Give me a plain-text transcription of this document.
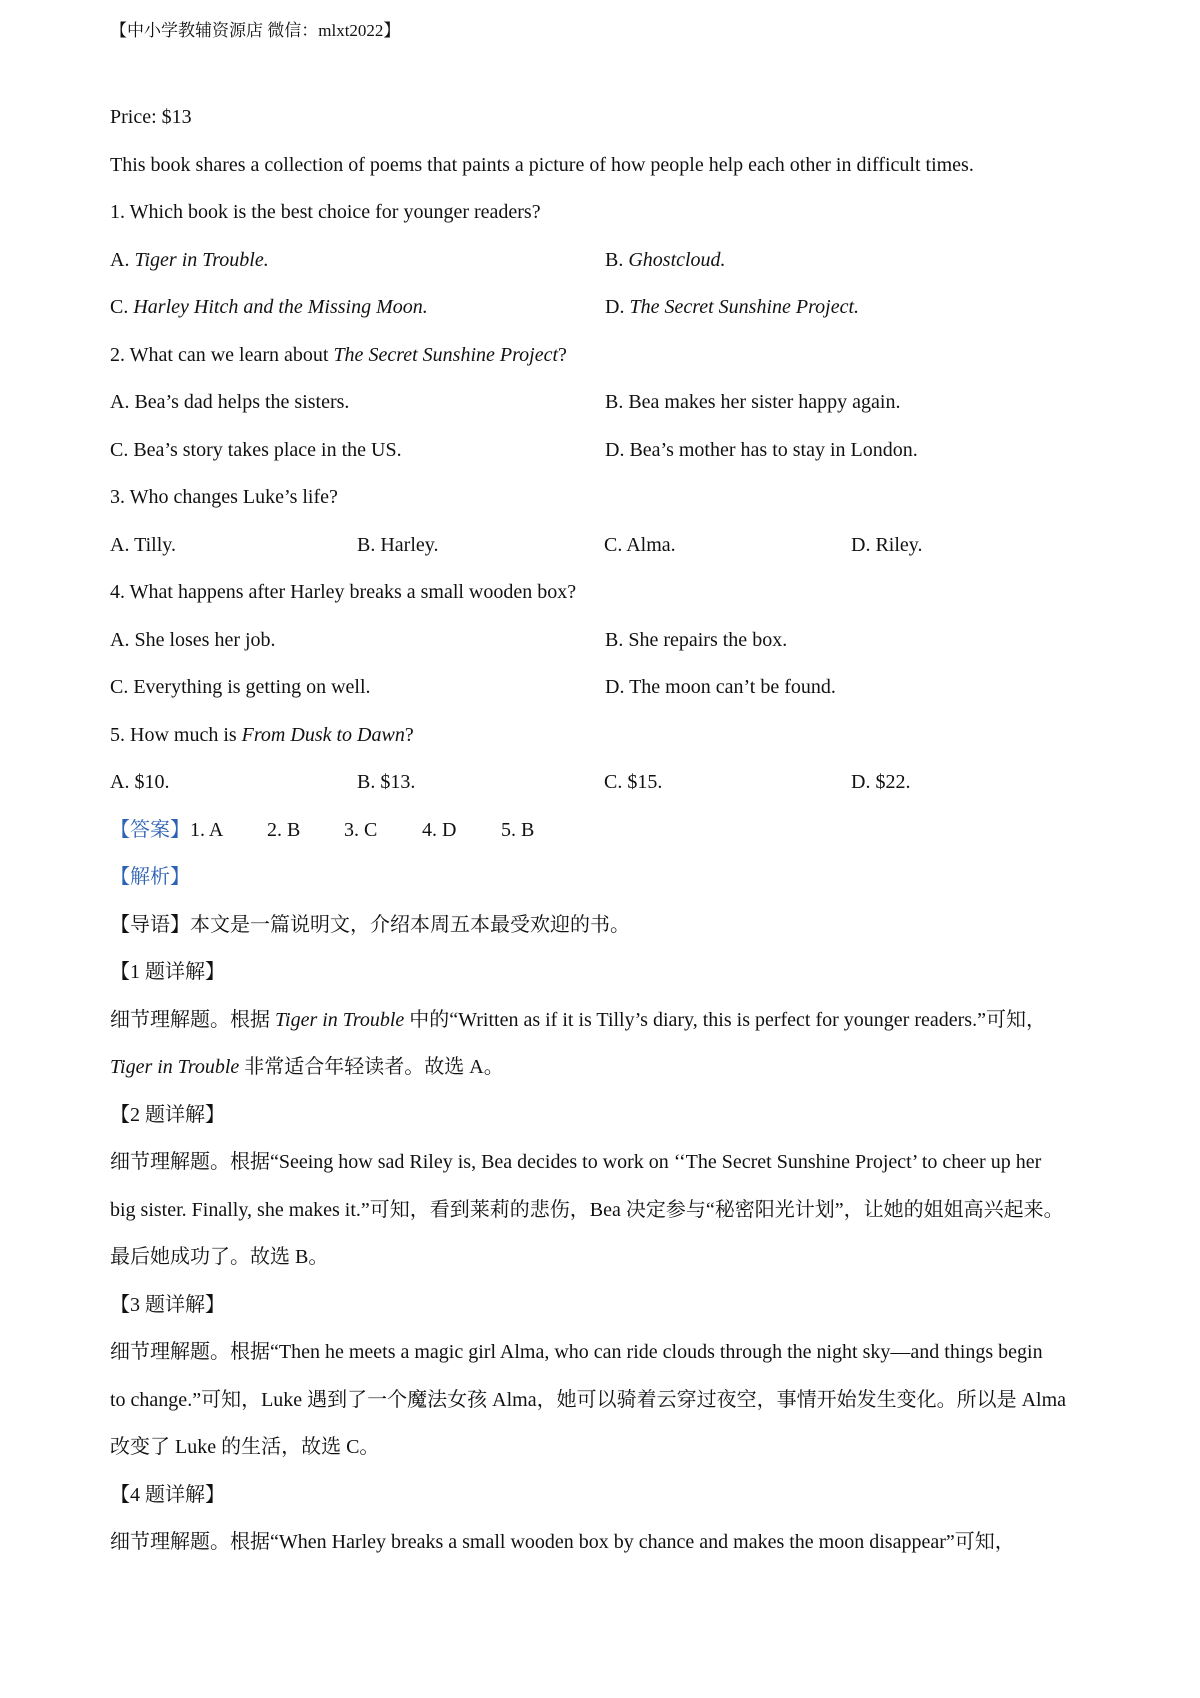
【中小学教辅资源店 微信：mlxt2022】
Price: $13
This book shares a collection of poems that paints a picture of how people help each other in difficult times.
1. Which book is the best choice for younger readers?
A. Tiger in Trouble.	B. Ghostcloud.
C. Harley Hitch and the Missing Moon.	D. The Secret Sunshine Project.
2. What can we learn about The Secret Sunshine Project?
A. Bea’s dad helps the sisters.	B. Bea makes her sister happy again.
C. Bea’s story takes place in the US.	D. Bea’s mother has to stay in London.
3. Who changes Luke’s life?
A. Tilly.	B. Harley.	C. Alma.	D. Riley.
4. What happens after Harley breaks a small wooden box?
A. She loses her job.	B. She repairs the box.
C. Everything is getting on well.	D. The moon can’t be found.
5. How much is From Dusk to Dawn?
A. $10.	B. $13.	C. $15.	D. $22.
【答案】1. A 2. B 3. C 4. D 5. B
【解析】
【导语】本文是一篇说明文，介绍本周五本最受欢迎的书。
【1 题详解】
细节理解题。根据 Tiger in Trouble 中的“Written as if it is Tilly’s diary, this is perfect for younger readers.”可知，
Tiger in Trouble 非常适合年轻读者。故选 A。
【2 题详解】
细节理解题。根据“Seeing how sad Riley is, Bea decides to work on ‘‘The Secret Sunshine Project’ to cheer up her
big sister. Finally, she makes it.”可知，看到莱莉的悲伤，Bea 决定参与“秘密阳光计划”，让她的姐姐高兴起来。
最后她成功了。故选 B。
【3 题详解】
细节理解题。根据“Then he meets a magic girl Alma, who can ride clouds through the night sky—and things begin
to change.”可知，Luke 遇到了一个魔法女孩 Alma，她可以骑着云穿过夜空，事情开始发生变化。所以是 Alma
改变了 Luke 的生活，故选 C。
【4 题详解】
细节理解题。根据“When Harley breaks a small wooden box by chance and makes the moon disappear”可知，
